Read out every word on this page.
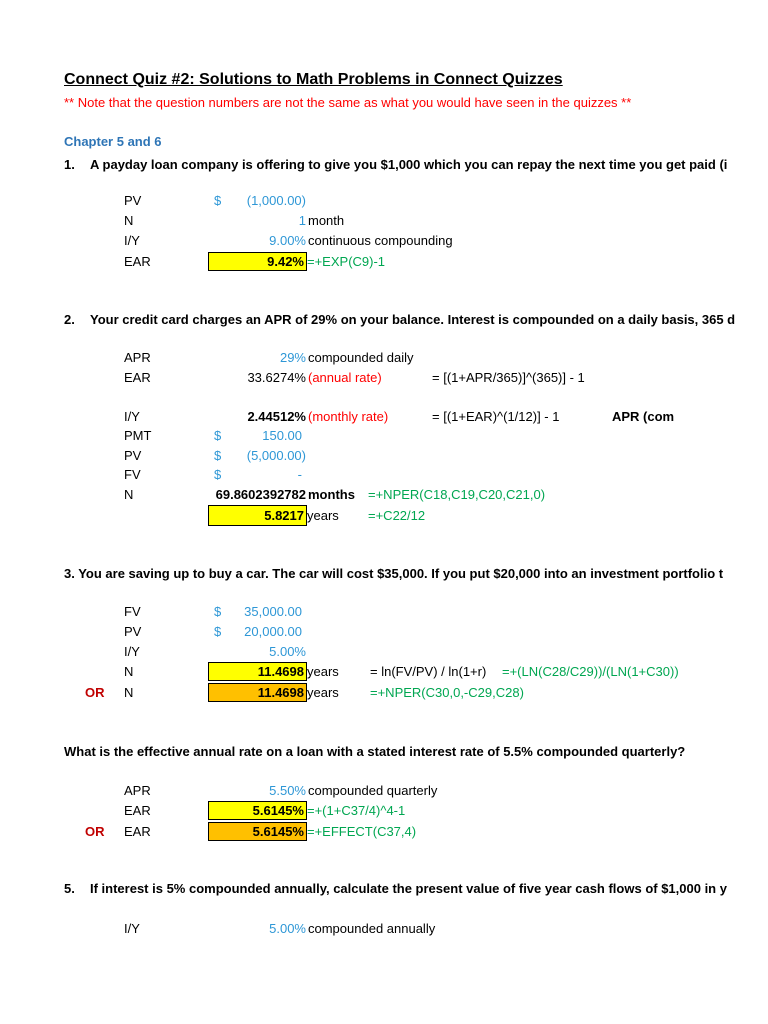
Connect Quiz #2: Solutions to Math Problems in Connect Quizzes
** Note that the question numbers are not the same as what you would have seen in the quizzes **
Chapter 5 and 6
1. A payday loan company is offering to give you $1,000 which you can repay the next time you get paid (i
PV	$	(1,000.00)
N	1 month
I/Y	9.00% continuous compounding
EAR	9.42% =+EXP(C9)-1
2. Your credit card charges an APR of 29% on your balance. Interest is compounded on a daily basis, 365 d
APR	29% compounded daily
EAR	33.6274% (annual rate)	= [(1+APR/365)]^(365)] - 1
I/Y	2.44512% (monthly rate)	= [(1+EAR)^(1/12)] - 1	APR (com
PMT	$	150.00
PV	$	(5,000.00)
FV	$	-
N	69.8602392782 months =+NPER(C18,C19,C20,C21,0)
5.8217 years =+C22/12
3. You are saving up to buy a car. The car will cost $35,000. If you put $20,000 into an investment portfolio t
FV	$	35,000.00
PV	$	20,000.00
I/Y	5.00%
N	11.4698 years = ln(FV/PV) / ln(1+r) =+(LN(C28/C29))/(LN(1+C30))
OR N	11.4698 years =+NPER(C30,0,-C29,C28)
What is the effective annual rate on a loan with a stated interest rate of 5.5% compounded quarterly?
APR	5.50% compounded quarterly
EAR	5.6145% =+(1+C37/4)^4-1
OR EAR	5.6145% =+EFFECT(C37,4)
5. If interest is 5% compounded annually, calculate the present value of five year cash flows of $1,000 in y
I/Y	5.00% compounded annually
